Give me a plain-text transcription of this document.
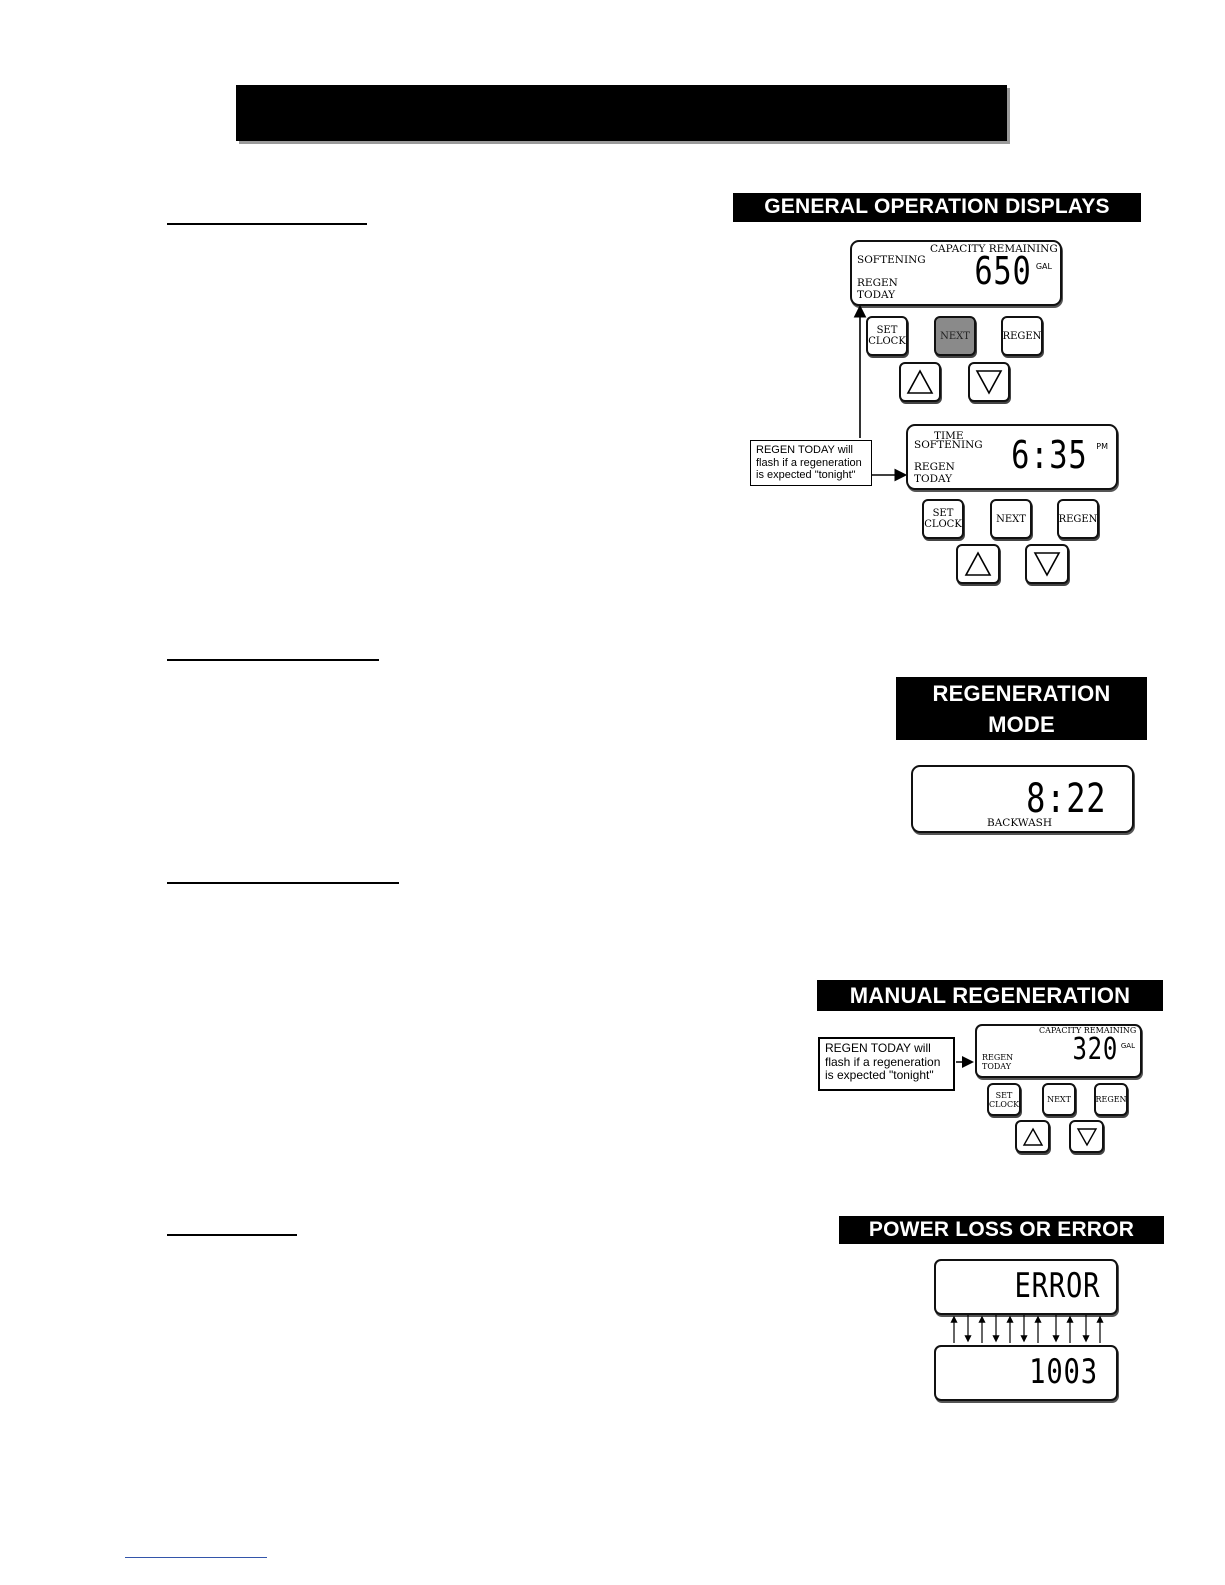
GENERAL OPERATION DISPLAYS
CAPACITY REMAINING
SOFTENING
REGEN
TODAY
650 GAL
SET
CLOCK	NEXT	REGEN
REGEN TODAY will
flash if a regeneration
is expected "tonight"
TIME
SOFTENING
REGEN
TODAY
6:35 PM
SET
CLOCK	NEXT	REGEN
REGENERATION
MODE
8:22
BACKWASH
MANUAL REGENERATION
REGEN TODAY will
flash if a regeneration
is expected "tonight"
CAPACITY REMAINING
REGEN
TODAY 320 GAL
SET
CLOCK	NEXT	REGEN
POWER LOSS OR ERROR
ERROR
1003
